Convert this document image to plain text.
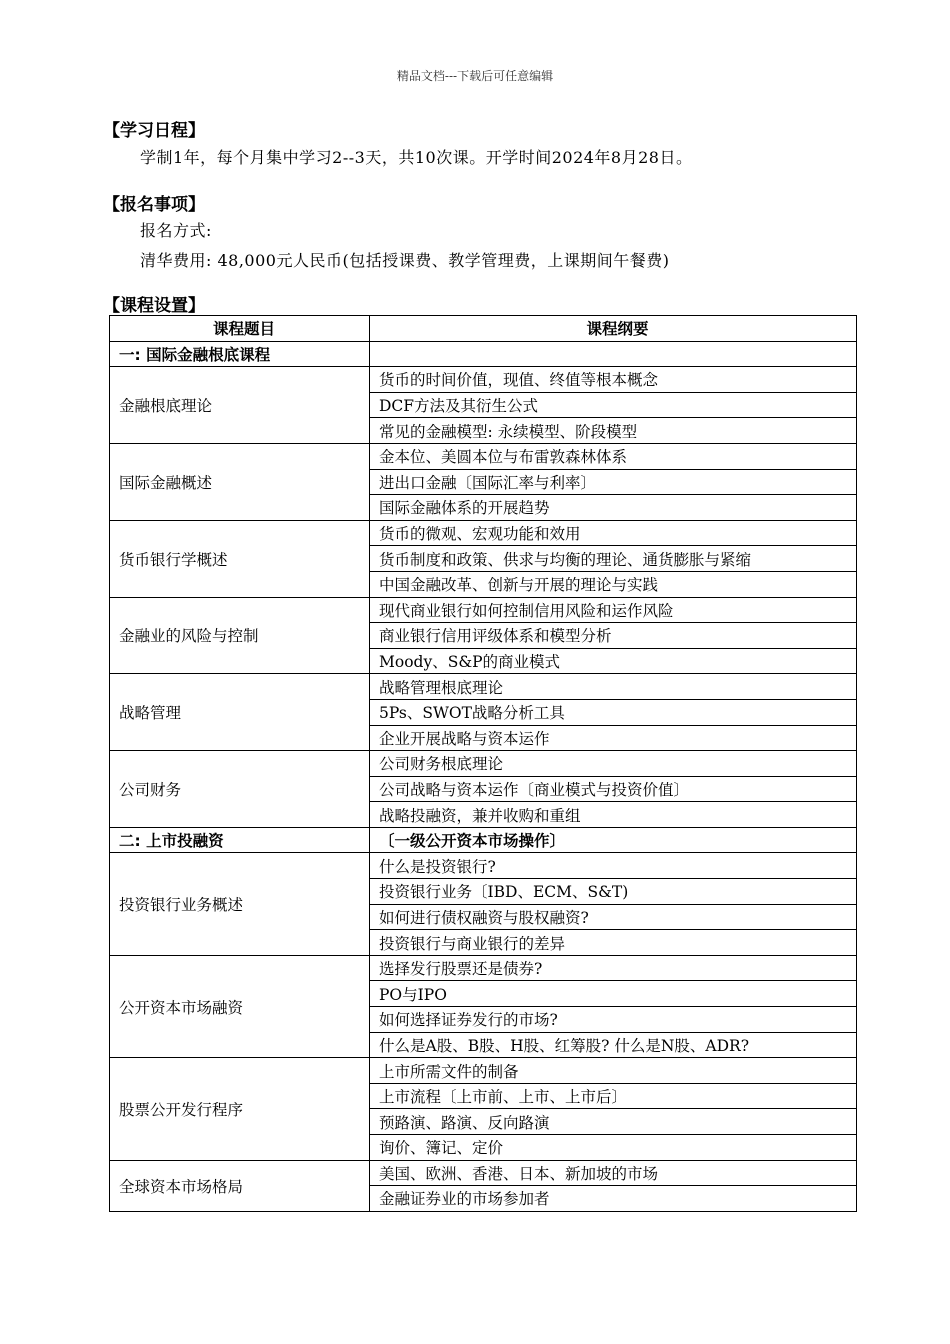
精品文档---下载后可任意编辑
【学习日程】
学制1年，每个月集中学习2--3天，共10次课。开学时间2024年8月28日。
【报名事项】
报名方式:
清华费用: 48,000元人民币(包括授课费、教学管理费，上课期间午餐费)
【课程设置】
课程题目	课程纲要
一: 国际金融根底课程	
金融根底理论	货币的时间价值，现值、终值等根本概念
	DCF方法及其衍生公式
	常见的金融模型: 永续模型、阶段模型
国际金融概述	金本位、美圆本位与布雷敦森林体系
	进出口金融〔国际汇率与利率〕
	国际金融体系的开展趋势
货币银行学概述	货币的微观、宏观功能和效用
	货币制度和政策、供求与均衡的理论、通货膨胀与紧缩
	中国金融改革、创新与开展的理论与实践
金融业的风险与控制	现代商业银行如何控制信用风险和运作风险
	商业银行信用评级体系和模型分析
	Moody、S&P的商业模式
战略管理	战略管理根底理论
	5Ps、SWOT战略分析工具
	企业开展战略与资本运作
公司财务	公司财务根底理论
	公司战略与资本运作〔商业模式与投资价值〕
	战略投融资，兼并收购和重组
二: 上市投融资	〔一级公开资本市场操作〕
投资银行业务概述	什么是投资银行?
	投资银行业务〔IBD、ECM、S&T)
	如何进行债权融资与股权融资?
	投资银行与商业银行的差异
公开资本市场融资	选择发行股票还是债券?
	PO与IPO
	如何选择证券发行的市场?
	什么是A股、B股、H股、红筹股? 什么是N股、ADR?
股票公开发行程序	上市所需文件的制备
	上市流程〔上市前、上市、上市后〕
	预路演、路演、反向路演
	询价、簿记、定价
全球资本市场格局	美国、欧洲、香港、日本、新加坡的市场
	金融证券业的市场参加者
